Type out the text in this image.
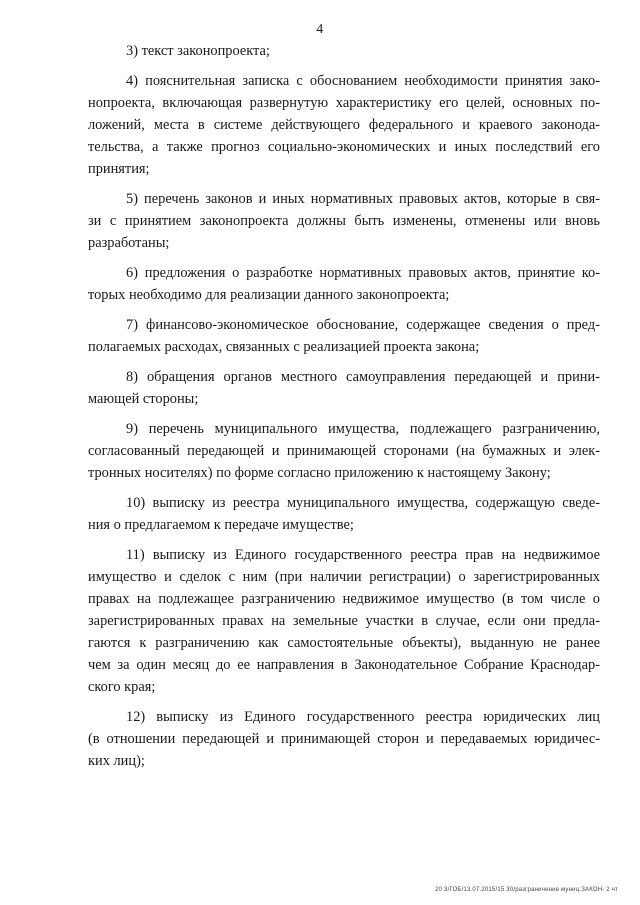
4
3) текст законопроекта;
4) пояснительная записка с обоснованием необходимости принятия зако-
нопроекта, включающая развернутую характеристику его целей, основных по-
ложений, места в системе действующего федерального и краевого законода-
тельства, а также прогноз социально-экономических и иных последствий его
принятия;
5) перечень законов и иных нормативных правовых актов, которые в свя-
зи с принятием законопроекта должны быть изменены, отменены или вновь
разработаны;
6) предложения о разработке нормативных правовых актов, принятие ко-
торых необходимо для реализации данного законопроекта;
7) финансово-экономическое обоснование, содержащее сведения о пред-
полагаемых расходах, связанных с реализацией проекта закона;
8) обращения органов местного самоуправления передающей и прини-
мающей стороны;
9) перечень муниципального имущества, подлежащего разграничению,
согласованный передающей и принимающей сторонами (на бумажных и элек-
тронных носителях) по форме согласно приложению к настоящему Закону;
10) выписку из реестра муниципального имущества, содержащую сведе-
ния о предлагаемом к передаче имуществе;
11) выписку из Единого государственного реестра прав на недвижимое
имущество и сделок с ним (при наличии регистрации) о зарегистрированных
правах на подлежащее разграничению недвижимое имущество (в том числе о
зарегистрированных правах на земельные участки в случае, если они предла-
гаются к разграничению как самостоятельные объекты), выданную не ранее
чем за один месяц до ее направления в Законодательное Собрание Краснодар-
ского края;
12) выписку из Единого государственного реестра юридических лиц
(в отношении передающей и принимающей сторон и передаваемых юридичес-
ких лиц);
20 3/ГОБ/13.07.2015/15 30/разграничение муниц.ЗАКОН- 2 чт
